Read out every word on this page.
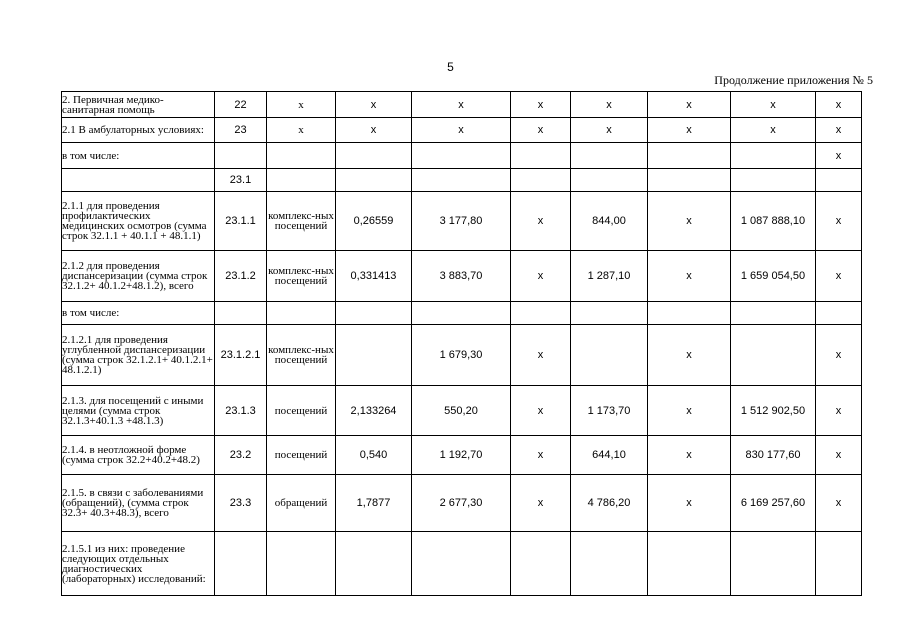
5
Продолжение приложения № 5
2. Первичная медико-санитарная помощь	22	х	х	х	х	х	х	х	х
2.1 В амбулаторных условиях:	23	х	х	х	х	х	х	х	х
в том числе:									х
	23.1								
2.1.1 для проведения профилактических медицинских осмотров (сумма строк 32.1.1 + 40.1.1 + 48.1.1)	23.1.1	комплекс-ных посещений	0,26559	3 177,80	х	844,00	х	1 087 888,10	х
2.1.2 для проведения диспансеризации (сумма строк 32.1.2+ 40.1.2+48.1.2), всего	23.1.2	комплекс-ных посещений	0,331413	3 883,70	х	1 287,10	х	1 659 054,50	х
в том числе:									
2.1.2.1 для проведения углубленной диспансеризации (сумма строк 32.1.2.1+ 40.1.2.1+ 48.1.2.1)	23.1.2.1	комплекс-ных посещений		1 679,30	х		х		х
2.1.3. для посещений с иными целями (сумма строк 32.1.3+40.1.3 +48.1.3)	23.1.3	посещений	2,133264	550,20	х	1 173,70	х	1 512 902,50	х
2.1.4. в неотложной форме (сумма строк 32.2+40.2+48.2)	23.2	посещений	0,540	1 192,70	х	644,10	х	830 177,60	х
2.1.5. в связи с заболеваниями (обращений), (сумма строк 32.3+ 40.3+48.3), всего	23.3	обращений	1,7877	2 677,30	х	4 786,20	х	6 169 257,60	х
2.1.5.1 из них: проведение следующих отдельных диагностических (лабораторных) исследований:									
